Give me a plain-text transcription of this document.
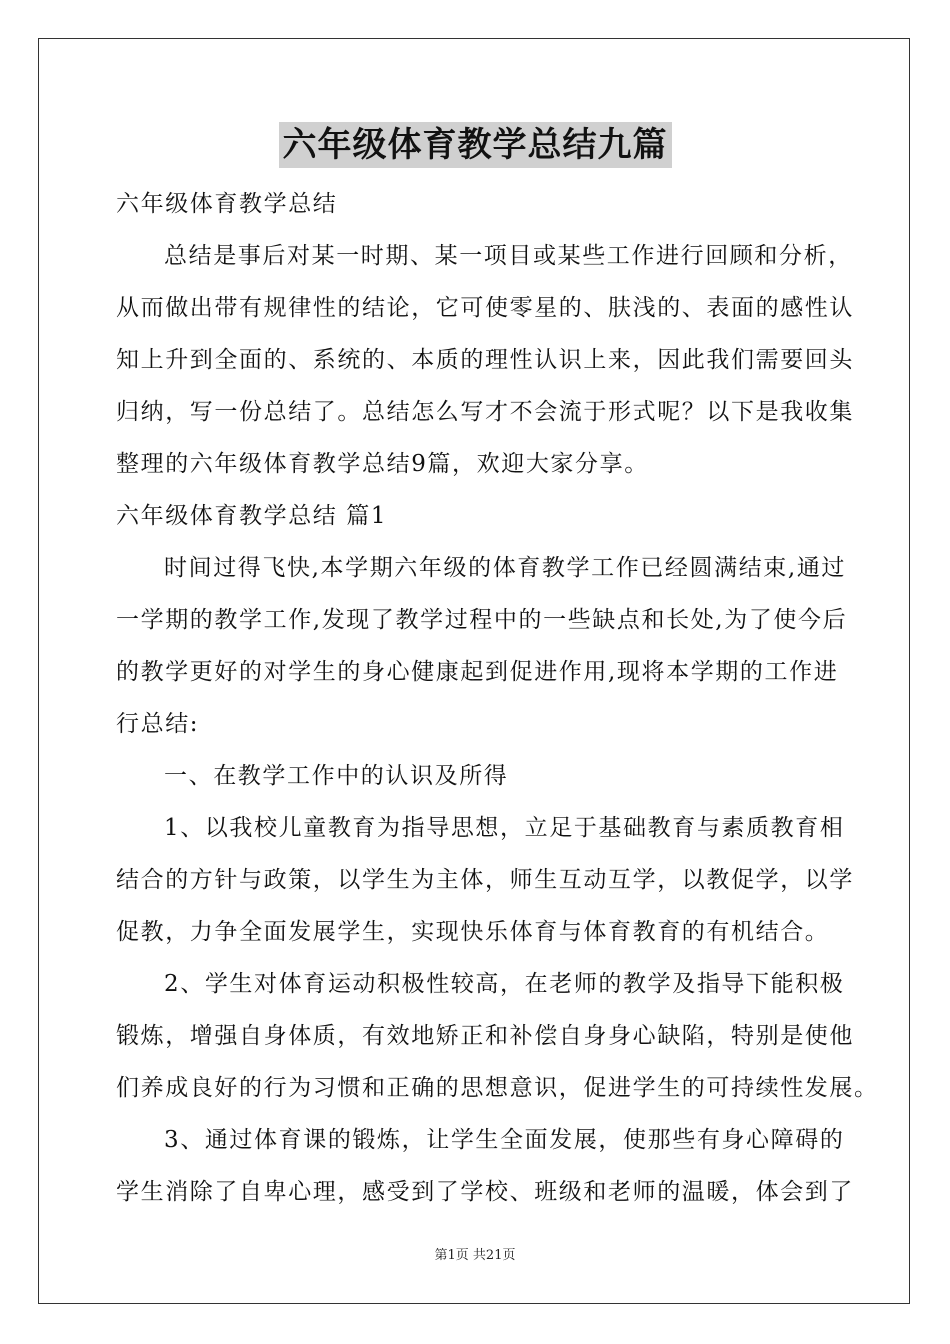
六年级体育教学总结九篇
六年级体育教学总结
总结是事后对某一时期、某一项目或某些工作进行回顾和分析，
从而做出带有规律性的结论，它可使零星的、肤浅的、表面的感性认
知上升到全面的、系统的、本质的理性认识上来，因此我们需要回头
归纳，写一份总结了。总结怎么写才不会流于形式呢？以下是我收集
整理的六年级体育教学总结9篇，欢迎大家分享。
六年级体育教学总结 篇1
时间过得飞快,本学期六年级的体育教学工作已经圆满结束,通过
一学期的教学工作,发现了教学过程中的一些缺点和长处,为了使今后
的教学更好的对学生的身心健康起到促进作用,现将本学期的工作进
行总结:
一、在教学工作中的认识及所得
1、以我校儿童教育为指导思想，立足于基础教育与素质教育相
结合的方针与政策，以学生为主体，师生互动互学，以教促学，以学
促教，力争全面发展学生，实现快乐体育与体育教育的有机结合。
2、学生对体育运动积极性较高，在老师的教学及指导下能积极
锻炼，增强自身体质，有效地矫正和补偿自身身心缺陷，特别是使他
们养成良好的行为习惯和正确的思想意识，促进学生的可持续性发展。
3、通过体育课的锻炼，让学生全面发展，使那些有身心障碍的
学生消除了自卑心理，感受到了学校、班级和老师的温暖，体会到了
第1页 共21页
